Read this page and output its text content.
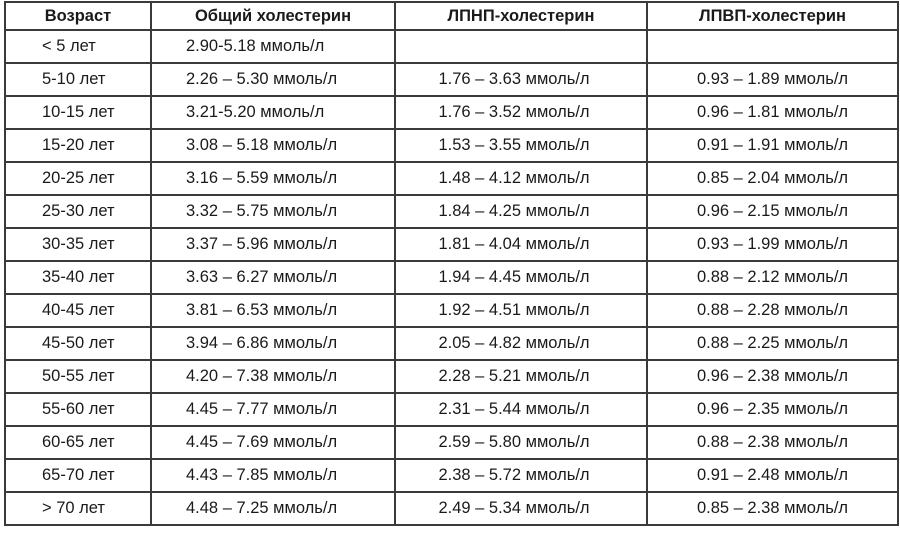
Возраст	Общий холестерин	ЛПНП-холестерин	ЛПВП-холестерин
< 5 лет	2.90-5.18 ммоль/л		
5-10 лет	2.26 – 5.30 ммоль/л	1.76 – 3.63 ммоль/л	0.93 – 1.89 ммоль/л
10-15 лет	3.21-5.20 ммоль/л	1.76 – 3.52 ммоль/л	0.96 – 1.81 ммоль/л
15-20 лет	3.08 – 5.18 ммоль/л	1.53 – 3.55 ммоль/л	0.91 – 1.91 ммоль/л
20-25 лет	3.16 – 5.59 ммоль/л	1.48 – 4.12 ммоль/л	0.85 – 2.04 ммоль/л
25-30 лет	3.32 – 5.75 ммоль/л	1.84 – 4.25 ммоль/л	0.96 – 2.15 ммоль/л
30-35 лет	3.37 – 5.96 ммоль/л	1.81 – 4.04 ммоль/л	0.93 – 1.99 ммоль/л
35-40 лет	3.63 – 6.27 ммоль/л	1.94 – 4.45 ммоль/л	0.88 – 2.12 ммоль/л
40-45 лет	3.81 – 6.53 ммоль/л	1.92 – 4.51 ммоль/л	0.88 – 2.28 ммоль/л
45-50 лет	3.94 – 6.86 ммоль/л	2.05 – 4.82 ммоль/л	0.88 – 2.25 ммоль/л
50-55 лет	4.20 – 7.38 ммоль/л	2.28 – 5.21 ммоль/л	0.96 – 2.38 ммоль/л
55-60 лет	4.45 – 7.77 ммоль/л	2.31 – 5.44 ммоль/л	0.96 – 2.35 ммоль/л
60-65 лет	4.45 – 7.69 ммоль/л	2.59 – 5.80 ммоль/л	0.88 – 2.38 ммоль/л
65-70 лет	4.43 – 7.85 ммоль/л	2.38 – 5.72 ммоль/л	0.91 – 2.48 ммоль/л
> 70 лет	4.48 – 7.25 ммоль/л	2.49 – 5.34 ммоль/л	0.85 – 2.38 ммоль/л
